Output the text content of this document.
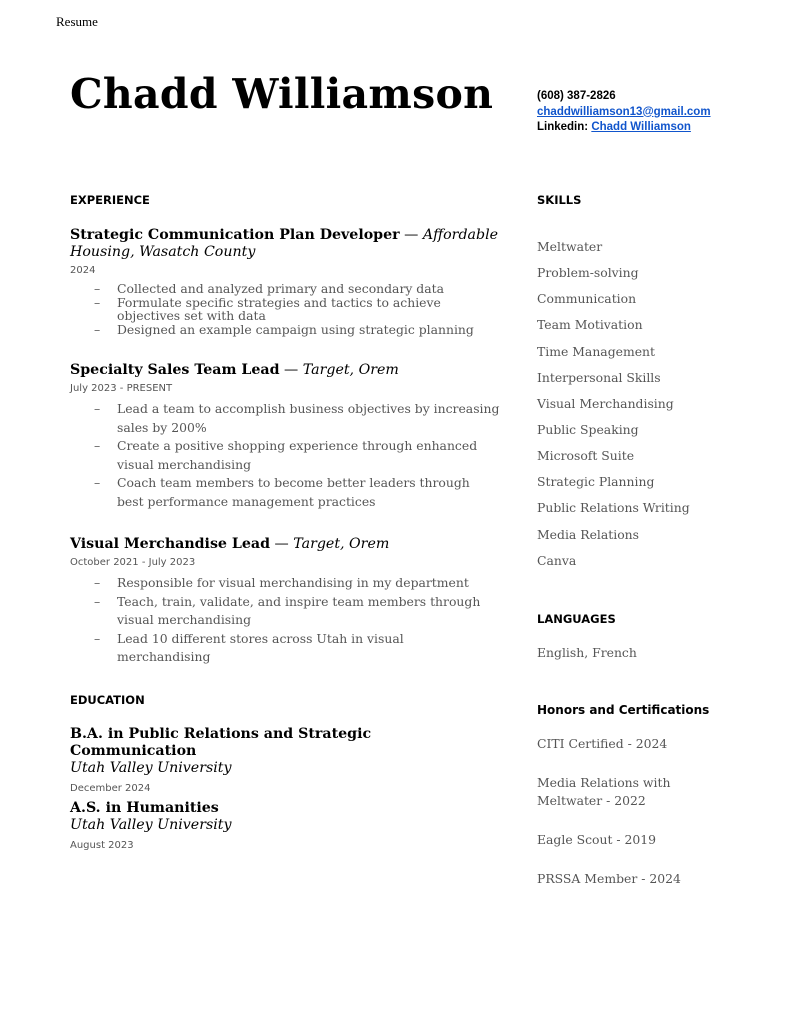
Resume
Chadd Williamson	(608) 387-2826
chaddwilliamson13@gmail.com
Linkedin: Chadd Williamson
EXPERIENCE
Strategic Communication Plan Developer — Affordable Housing, Wasatch County
2024
– Collected and analyzed primary and secondary data
– Formulate specific strategies and tactics to achieve objectives set with data
– Designed an example campaign using strategic planning
Specialty Sales Team Lead — Target, Orem
July 2023 - PRESENT
– Lead a team to accomplish business objectives by increasing sales by 200%
– Create a positive shopping experience through enhanced visual merchandising
– Coach team members to become better leaders through best performance management practices
Visual Merchandise Lead — Target, Orem
October 2021 - July 2023
– Responsible for visual merchandising in my department
– Teach, train, validate, and inspire team members through visual merchandising
– Lead 10 different stores across Utah in visual merchandising
EDUCATION
B.A. in Public Relations and Strategic Communication
Utah Valley University
December 2024
A.S. in Humanities
Utah Valley University
August 2023
SKILLS
Meltwater
Problem-solving
Communication
Team Motivation
Time Management
Interpersonal Skills
Visual Merchandising
Public Speaking
Microsoft Suite
Strategic Planning
Public Relations Writing
Media Relations
Canva
LANGUAGES
English, French
Honors and Certifications
CITI Certified - 2024
Media Relations with Meltwater - 2022
Eagle Scout - 2019
PRSSA Member - 2024
